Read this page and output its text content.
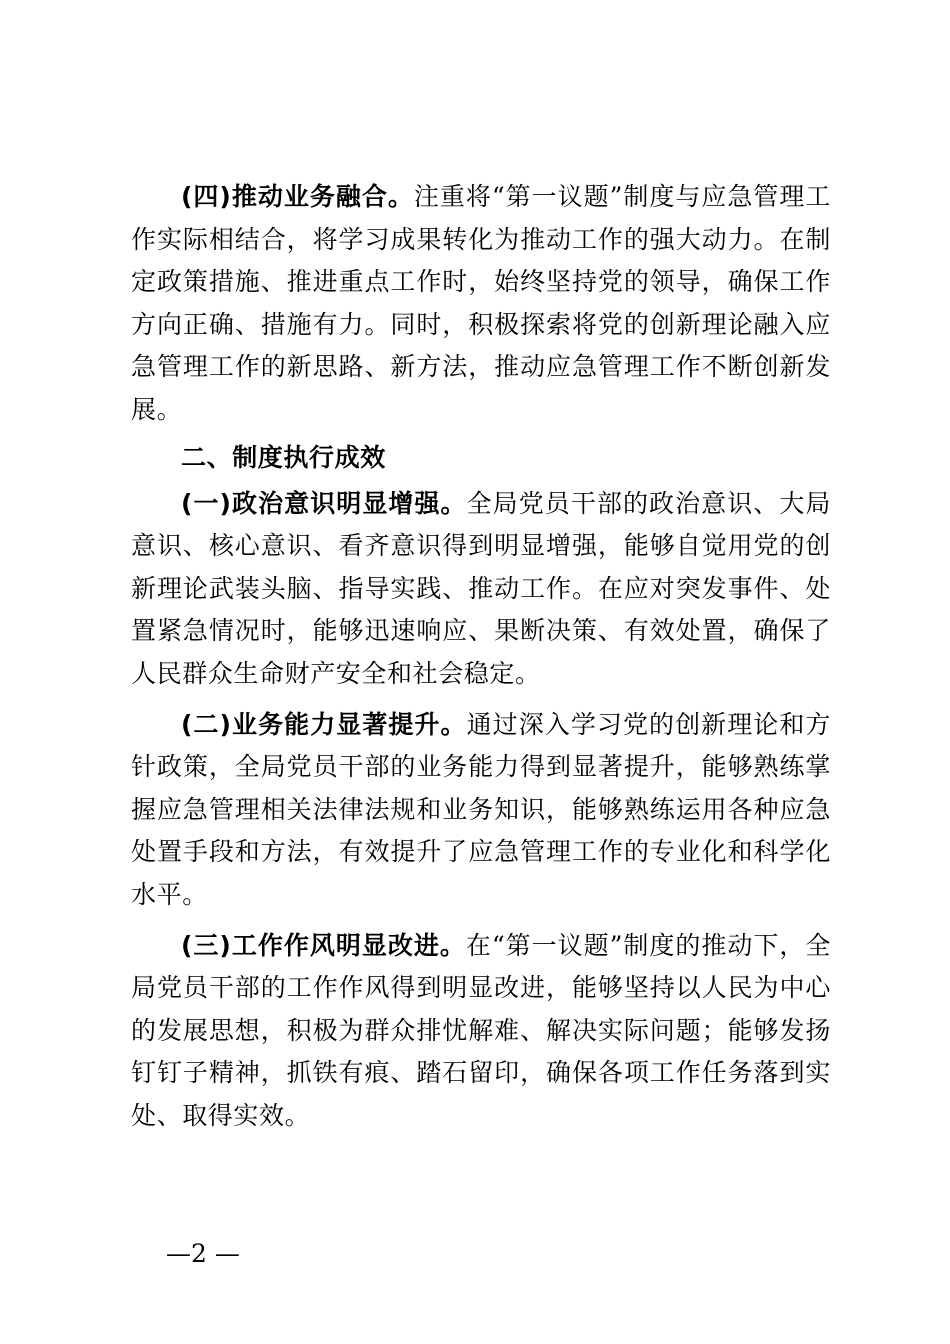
(四)推动业务融合。注重将“第一议题”制度与应急管理工作实际相结合，将学习成果转化为推动工作的强大动力。在制定政策措施、推进重点工作时，始终坚持党的领导，确保工作方向正确、措施有力。同时，积极探索将党的创新理论融入应急管理工作的新思路、新方法，推动应急管理工作不断创新发展。

二、制度执行成效

(一)政治意识明显增强。全局党员干部的政治意识、大局意识、核心意识、看齐意识得到明显增强，能够自觉用党的创新理论武装头脑、指导实践、推动工作。在应对突发事件、处置紧急情况时，能够迅速响应、果断决策、有效处置，确保了人民群众生命财产安全和社会稳定。

(二)业务能力显著提升。通过深入学习党的创新理论和方针政策，全局党员干部的业务能力得到显著提升，能够熟练掌握应急管理相关法律法规和业务知识，能够熟练运用各种应急处置手段和方法，有效提升了应急管理工作的专业化和科学化水平。

(三)工作作风明显改进。在“第一议题”制度的推动下，全局党员干部的工作作风得到明显改进，能够坚持以人民为中心的发展思想，积极为群众排忧解难、解决实际问题；能够发扬钉钉子精神，抓铁有痕、踏石留印，确保各项工作任务落到实处、取得实效。

—2 —
